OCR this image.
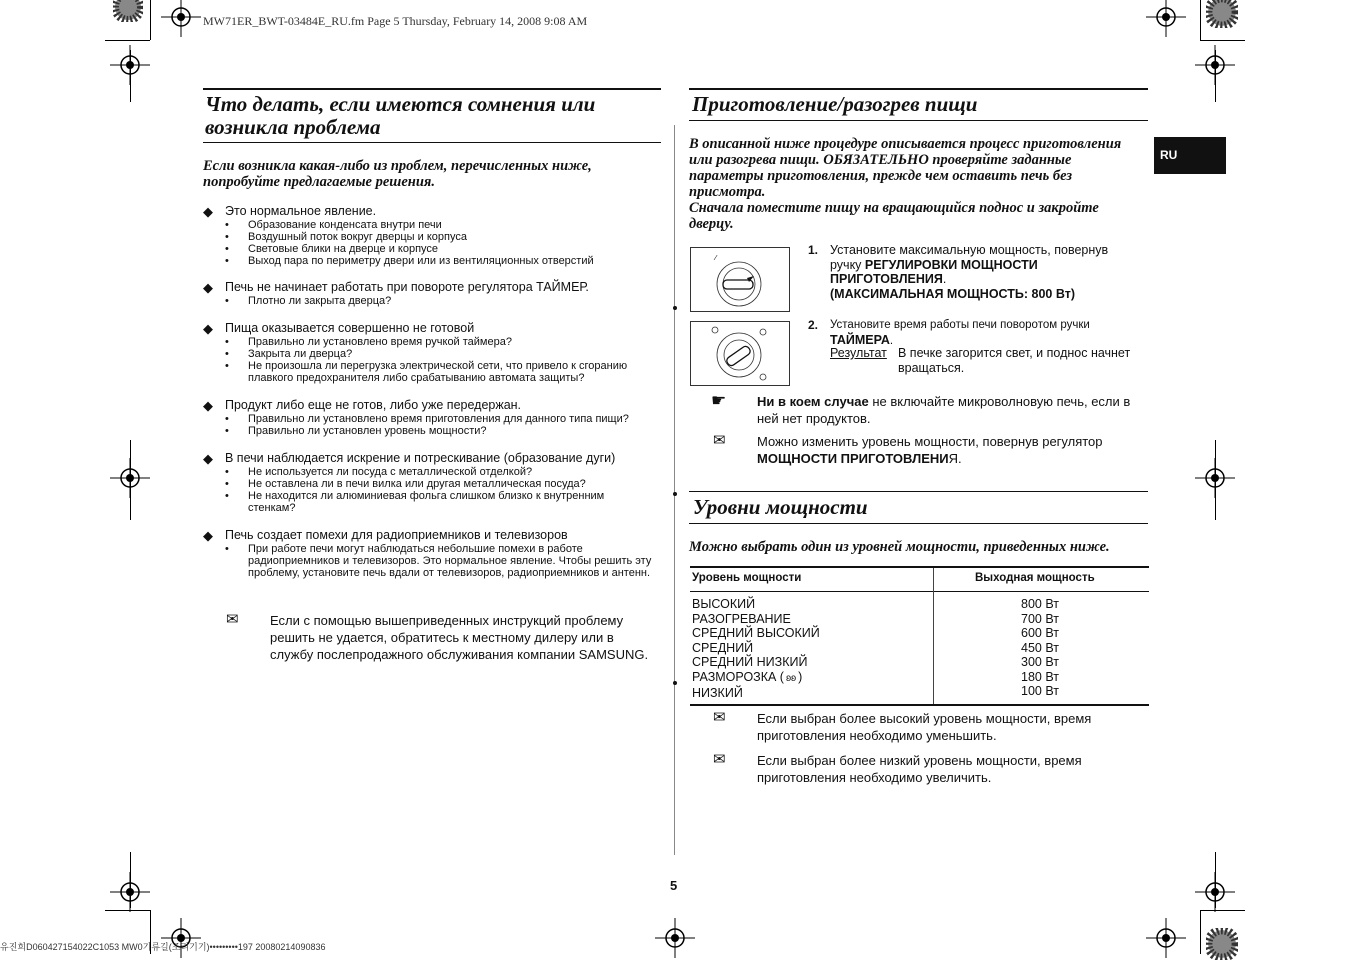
MW71ER_BWT-03484E_RU.fm Page 5 Thursday, February 14, 2008 9:08 AM
Что делать, если имеются сомнения или возникла проблема
Если возникла какая-либо из проблем, перечисленных ниже, попробуйте предлагаемые решения.
◆ Это нормальное явление.
• Образование конденсата внутри печи
• Воздушный поток вокруг дверцы и корпуса
• Световые блики на дверце и корпусе
• Выход пара по периметру двери или из вентиляционных отверстий
◆ Печь не начинает работать при повороте регулятора ТАЙМЕР.
• Плотно ли закрыта дверца?
◆ Пища оказывается совершенно не готовой
• Правильно ли установлено время ручкой таймера?
• Закрыта ли дверца?
• Не произошла ли перегрузка электрической сети, что привело к сгоранию плавкого предохранителя либо срабатыванию автомата защиты?
◆ Продукт либо еще не готов, либо уже передержан.
• Правильно ли установлено время приготовления для данного типа пищи?
• Правильно ли установлен уровень мощности?
◆ В печи наблюдается искрение и потрескивание (образование дуги)
• Не используется ли посуда с металлической отделкой?
• Не оставлена ли в печи вилка или другая металлическая посуда?
• Не находится ли алюминиевая фольга слишком близко к внутренним стенкам?
◆ Печь создает помехи для радиоприемников и телевизоров
• При работе печи могут наблюдаться небольшие помехи в работе радиоприемников и телевизоров. Это нормальное явление. Чтобы решить эту проблему, установите печь вдали от телевизоров, радиоприемников и антенн.
✉ Если с помощью вышеприведенных инструкций проблему решить не удается, обратитесь к местному дилеру или в службу послепродажного обслуживания компании SAMSUNG.
Приготовление/разогрев пищи
RU
В описанной ниже процедуре описывается процесс приготовления или разогрева пищи. ОБЯЗАТЕЛЬНО проверяйте заданные параметры приготовления, прежде чем оставить печь без присмотра.
Сначала поместите пищу на вращающийся поднос и закройте дверцу.
⁄
1. Установите максимальную мощность, повернув ручку РЕГУЛИРОВКИ МОЩНОСТИ ПРИГОТОВЛЕНИЯ.
(МАКСИМАЛЬНАЯ МОЩНОСТЬ: 800 Вт)
2. Установите время работы печи поворотом ручки
ТАЙМЕРА.
Результат В печке загорится свет, и поднос начнет вращаться.
☛ Ни в коем случае не включайте микроволновую печь, если в ней нет продуктов.
✉ Можно изменить уровень мощности, повернув регулятор МОЩНОСТИ ПРИГОТОВЛЕНИЯ.
Уровни мощности
Можно выбрать один из уровней мощности, приведенных ниже.
Уровень мощности	Выходная мощность
ВЫСОКИЙ
РАЗОГРЕВАНИЕ
СРЕДНИЙ ВЫСОКИЙ
СРЕДНИЙ
СРЕДНИЙ НИЗКИЙ
РАЗМОРОЗКА ( ʚʚ )
НИЗКИЙ
800 Вт
700 Вт
600 Вт
450 Вт
300 Вт
180 Вт
100 Вт
✉ Если выбран более высокий уровень мощности, время приготовления необходимо уменьшить.
✉ Если выбран более низкий уровень мощности, время приготовления необходимо увеличить.
5
유진희D060427154022C1053 MW0기류길(조리기기)•••••••••197 20080214090836
